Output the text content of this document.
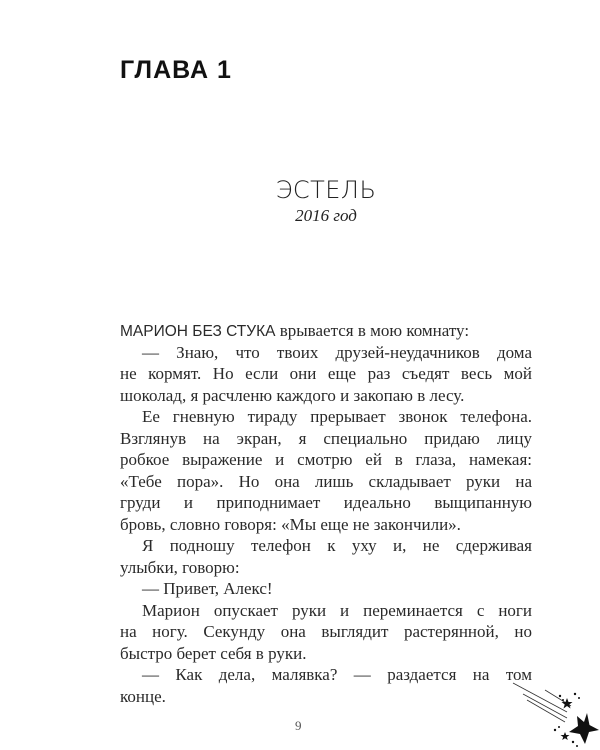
ГЛАВА 1
ЭСТЕЛЬ
2016 год
МАРИОН БЕЗ СТУКА врывается в мою комнату:
— Знаю, что твоих друзей-неудачников дома
не кормят. Но если они еще раз съедят весь мой
шоколад, я расчленю каждого и закопаю в лесу.
Ее гневную тираду прерывает звонок телефона.
Взглянув на экран, я специально придаю лицу
робкое выражение и смотрю ей в глаза, намекая:
«Тебе пора». Но она лишь складывает руки на
груди и приподнимает идеально выщипанную
бровь, словно говоря: «Мы еще не закончили».
Я подношу телефон к уху и, не сдерживая
улыбки, говорю:
— Привет, Алекс!
Марион опускает руки и переминается с ноги
на ногу. Секунду она выглядит растерянной, но
быстро берет себя в руки.
— Как дела, малявка? — раздается на том
конце.
9
